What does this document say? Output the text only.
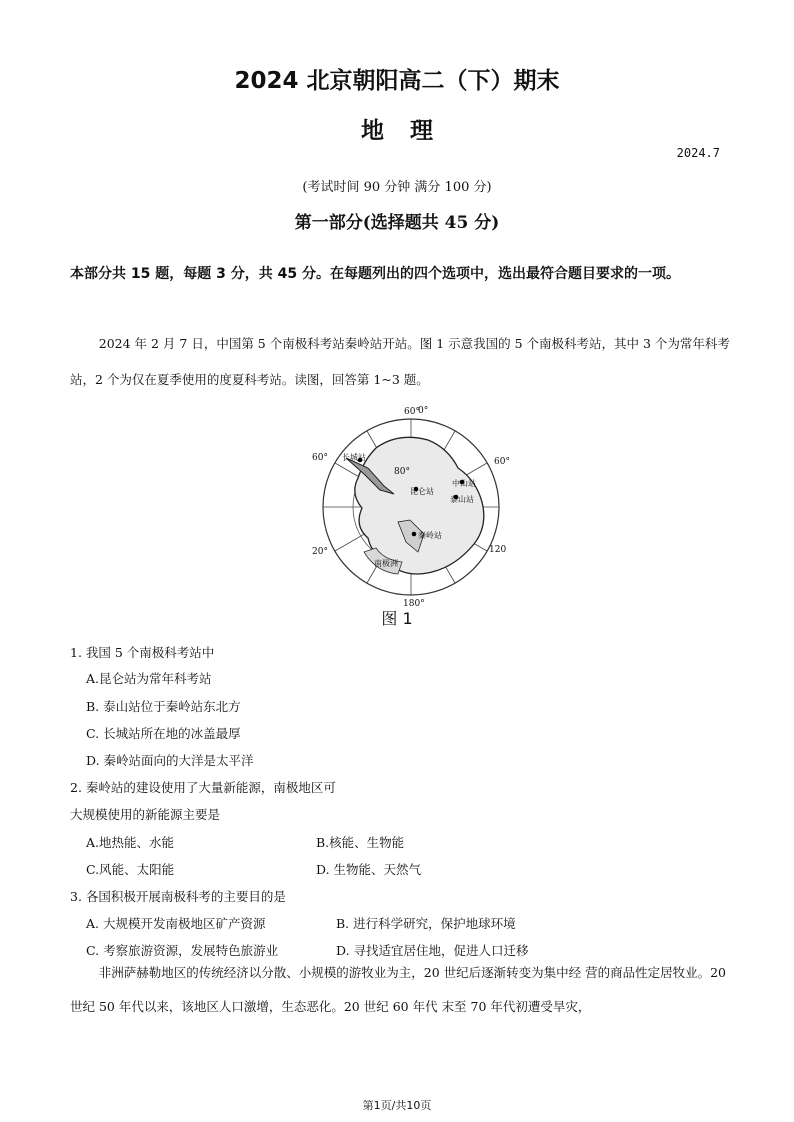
2024 北京朝阳高二（下）期末
地理
2024.7
(考试时间 90 分钟 满分 100 分)
第一部分(选择题共 45 分)
本部分共 15 题，每题 3 分，共 45 分。在每题列出的四个选项中，选出最符合题目要求的一项。
2024 年 2 月 7 日，中国第 5 个南极科考站秦岭站开站。图 1 示意我国的 5 个南极科考站，其中 3 个为常年科考站，2 个为仅在夏季使用的度夏科考站。读图，回答第 1~3 题。
60°
0°
60°	60°
80°
120
20°
180°
长城站
昆仑站
中山站
泰山站
秦岭站
南极洲
图 1
1. 我国 5 个南极科考站中
A.昆仑站为常年科考站
B. 泰山站位于秦岭站东北方
C. 长城站所在地的冰盖最厚
D. 秦岭站面向的大洋是太平洋
2. 秦岭站的建设使用了大量新能源，南极地区可
大规模使用的新能源主要是
A.地热能、水能	B.核能、生物能
C.风能、太阳能	D. 生物能、天然气
3. 各国积极开展南极科考的主要目的是
A. 大规模开发南极地区矿产资源	B. 进行科学研究，保护地球环境
C. 考察旅游资源，发展特色旅游业	D. 寻找适宜居住地，促进人口迁移
非洲萨赫勒地区的传统经济以分散、小规模的游牧业为主，20 世纪后逐渐转变为集中经 营的商品性定居牧业。20 世纪 50 年代以来，该地区人口激增，生态恶化。20 世纪 60 年代 末至 70 年代初遭受旱灾，
第1页/共10页
